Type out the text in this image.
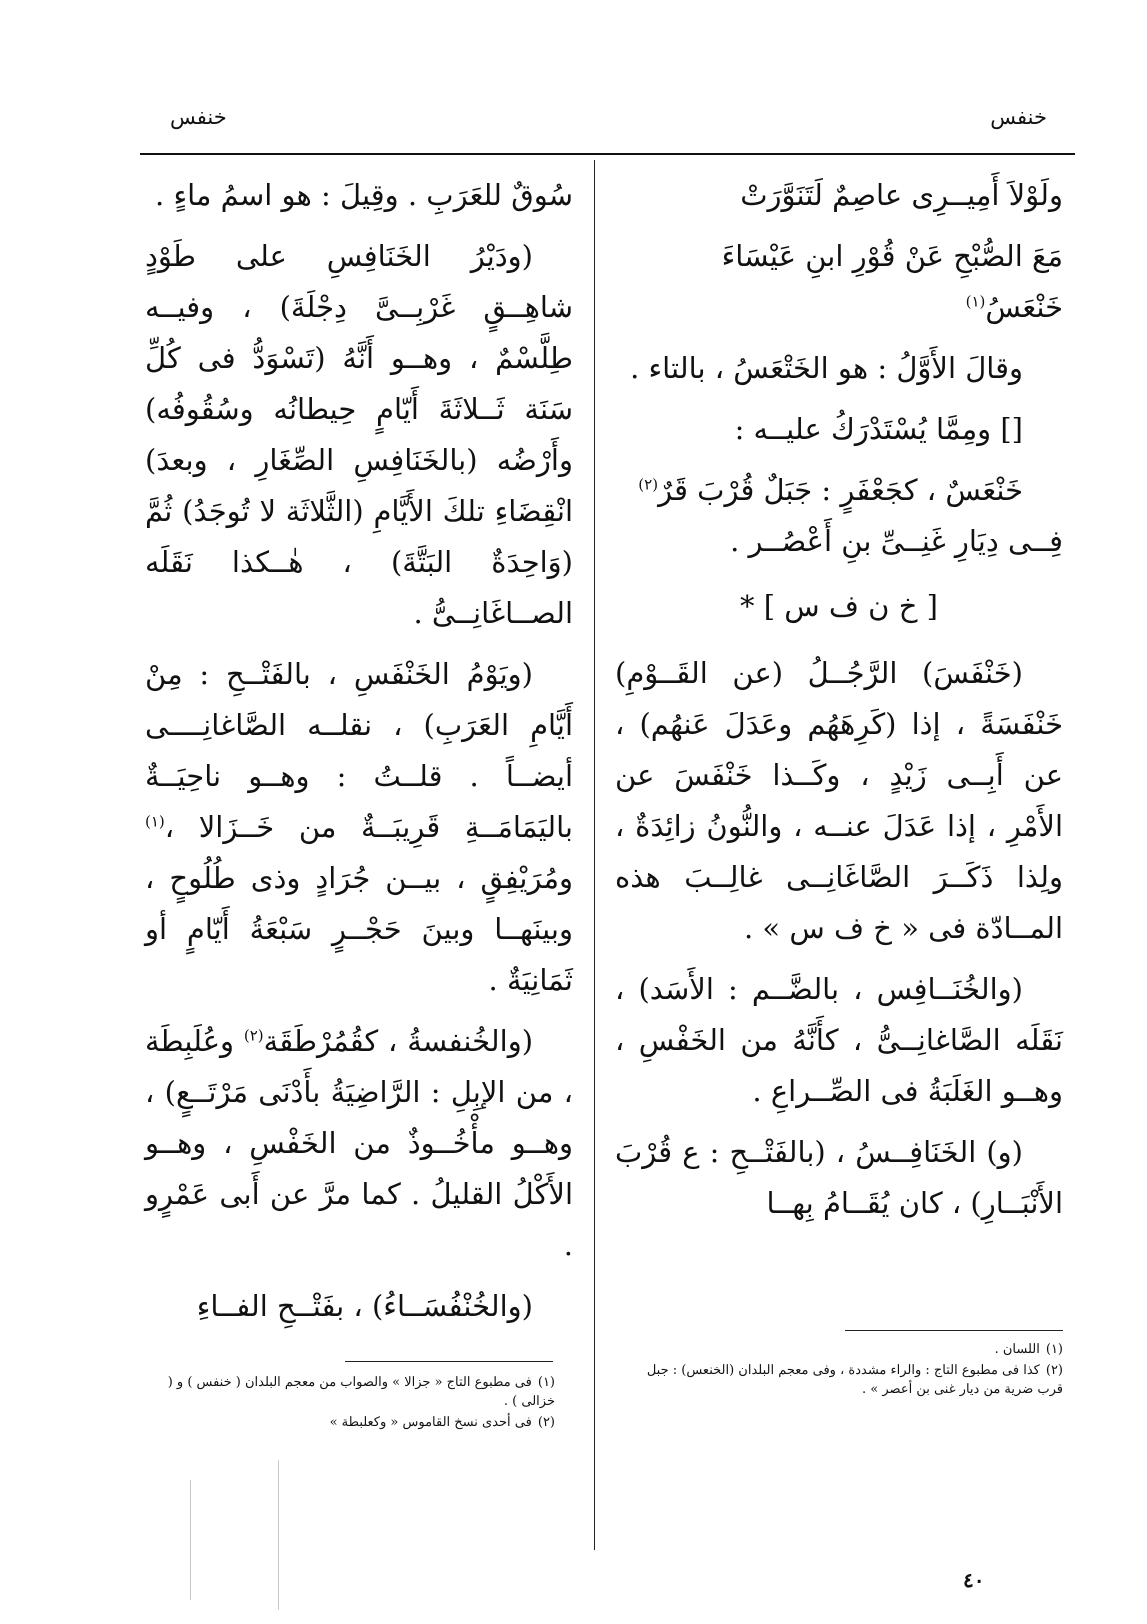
خنفس	خنفس

ولَوْلاَ أَمِيــرِى عاصِمٌ لَتَنَوَّرَتْ

مَعَ الصُّبْحِ عَنْ قُوْرِ ابنِ عَيْسَاءَ خَنْعَسُ$^{(١)}$

وقالَ الأَوَّلُ : هو الخَتْعَسُ ، بالتاء .

[] ومِمَّا يُسْتَدْرَكُ عليــه :

خَنْعَسٌ ، كجَعْفَرٍ : جَبَلٌ قُرْبَ قَرٌ$^{(٢)}$

فِــى دِيَارِ غَنِــىِّ بنِ أَعْصُــر .

[ خ ن ف س ] *

(خَنْفَسَ) الرَّجُــلُ (عن القَــوْمِ) خَنْفَسَةً ، إذا (كَرِهَهُم وعَدَلَ عَنهُم) ، عن أَبِــى زَيْدٍ ، وكَــذا خَنْفَسَ عن الأَمْرِ ، إذا عَدَلَ عنــه ، والنُّونُ زائِدَةٌ ، ولِذا ذَكَــرَ الصَّاغَانِــى غالِــبَ هذه المــادّة فى « خ ف س » .

(والخُنَــافِس ، بالضَّــم : الأَسَد) ، نَقَلَه الصَّاغانِــىُّ ، كأَنَّهُ من الخَفْسِ ، وهــو الغَلَبَةُ فى الصِّــراعِ .

(و) الخَنَافِــسُ ، (بالفَتْــحِ : ع قُرْبَ الأَنْبَــارِ) ، كان يُقَــامُ بِهــا

سُوقٌ للعَرَبِ . وقِيلَ : هو اسمُ ماءٍ .

(ودَيْرُ الخَنَافِسِ على طَوْدٍ شاهِــقٍ غَرْبِــىَّ دِجْلَةَ) ، وفيــه طِلَّسْمٌ ، وهــو أَنَّهُ (تَسْوَدُّ فى كُلِّ سَنَة ثَــلاثَةَ أَيّامٍ حِيطانُه وسُقُوفُه) وأَرْضُه (بالخَنَافِسِ الصِّغَارِ ، وبعدَ) انْقِضَاءِ تلكَ الأَيَّامِ (الثَّلاثَة لا تُوجَدُ) ثُمَّ (وَاحِدَةٌ البَتَّةَ) ، هٰــكذا نَقَلَه الصــاغَانِــىُّ .

(ويَوْمُ الخَنْفَسِ ، بالفَتْــحِ : مِنْ أَيَّامِ العَرَبِ) ، نقلــه الصَّاغانِــــى أيضــاً . قلــتُ : وهــو ناحِيَــةٌ باليَمَامَــةِ قَرِيبَــةٌ من خَــزَالا ،$^{(١)}$ ومُرَيْفِقٍ ، بيــن جُرَادٍ وذى طُلُوحٍ ، وبينَهــا وبينَ حَجْــرٍ سَبْعَةُ أَيّامٍ أو ثَمَانِيَةٌ .

(والخُنفسةُ ، كقُمُرْطَقَة$^{(٢)}$ وعُلَبِطَة ، من الإبِلِ : الرَّاضِيَةُ بأَدْنَى مَرْتَــعٍ) ، وهــو مأْخُــوذٌ من الخَفْسِ ، وهــو الأَكْلُ القليلُ . كما مرَّ عن أَبى عَمْرٍو .

(والخُنْفُسَــاءُ) ، بفَتْــحِ الفــاءِ

(١)اللسان .

(٢)كذا فى مطبوع التاج : والراء مشددة ، وفى معجم البلدان (الخنعس) : جبل قرب ضرية من ديار غنى بن أعصر » .

(١)فى مطبوع التاج « جزالا » والصواب من معجم البلدان ( خنفس ) و ( خزالى ) .

(٢)فى أحدى نسخ القاموس « وكعلبطة »

٤٠
